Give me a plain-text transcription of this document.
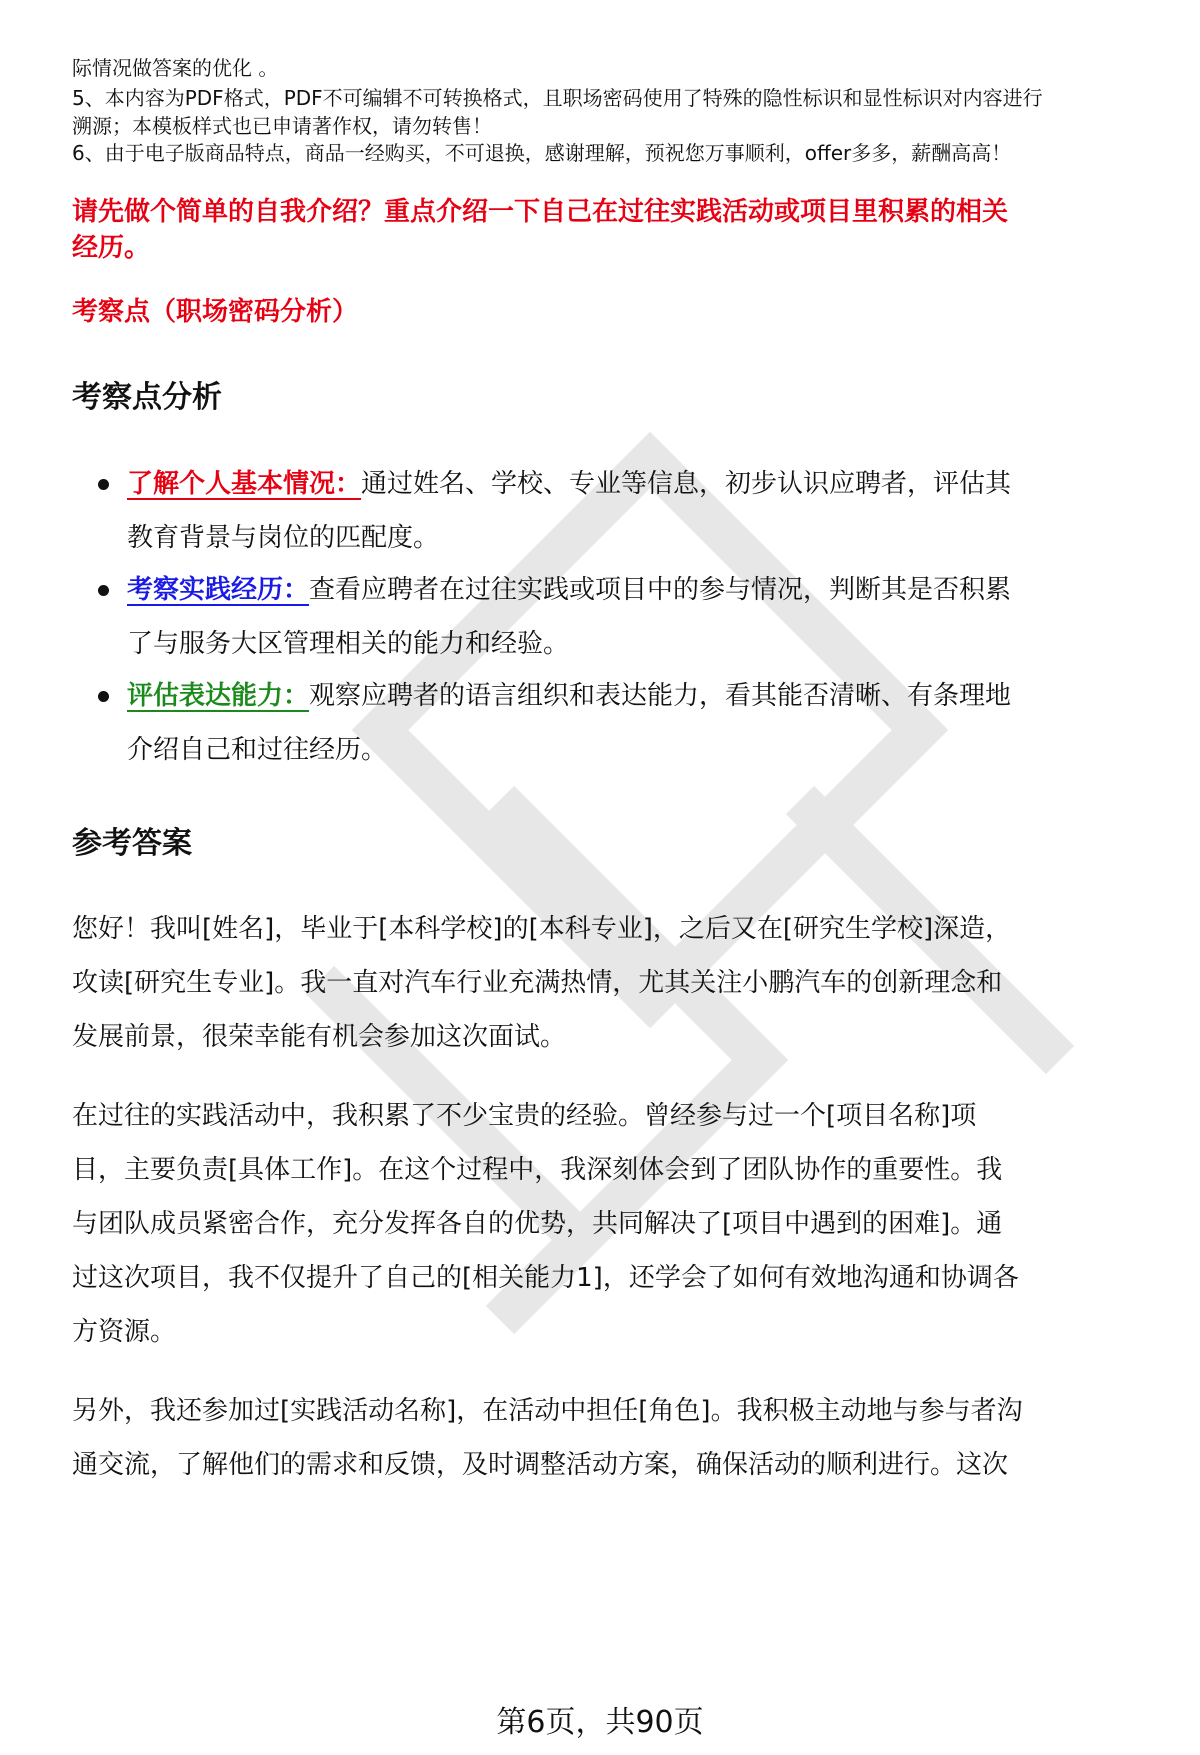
际情况做答案的优化 。
5、本内容为PDF格式，PDF不可编辑不可转换格式，且职场密码使用了特殊的隐性标识和显性标识对内容进行
溯源；本模板样式也已申请著作权，请勿转售！
6、由于电子版商品特点，商品一经购买，不可退换，感谢理解，预祝您万事顺利，offer多多，薪酬高高！
请先做个简单的自我介绍？重点介绍一下自己在过往实践活动或项目里积累的相关
经历。
考察点（职场密码分析）
考察点分析
了解个人基本情况：通过姓名、学校、专业等信息，初步认识应聘者，评估其
教育背景与岗位的匹配度。
考察实践经历：查看应聘者在过往实践或项目中的参与情况，判断其是否积累
了与服务大区管理相关的能力和经验。
评估表达能力：观察应聘者的语言组织和表达能力，看其能否清晰、有条理地
介绍自己和过往经历。
参考答案
您好！我叫[姓名]，毕业于[本科学校]的[本科专业]，之后又在[研究生学校]深造，
攻读[研究生专业]。我一直对汽车行业充满热情，尤其关注小鹏汽车的创新理念和
发展前景，很荣幸能有机会参加这次面试。
在过往的实践活动中，我积累了不少宝贵的经验。曾经参与过一个[项目名称]项
目，主要负责[具体工作]。在这个过程中，我深刻体会到了团队协作的重要性。我
与团队成员紧密合作，充分发挥各自的优势，共同解决了[项目中遇到的困难]。通
过这次项目，我不仅提升了自己的[相关能力1]，还学会了如何有效地沟通和协调各
方资源。
另外，我还参加过[实践活动名称]，在活动中担任[角色]。我积极主动地与参与者沟
通交流，了解他们的需求和反馈，及时调整活动方案，确保活动的顺利进行。这次
第6页，共90页
